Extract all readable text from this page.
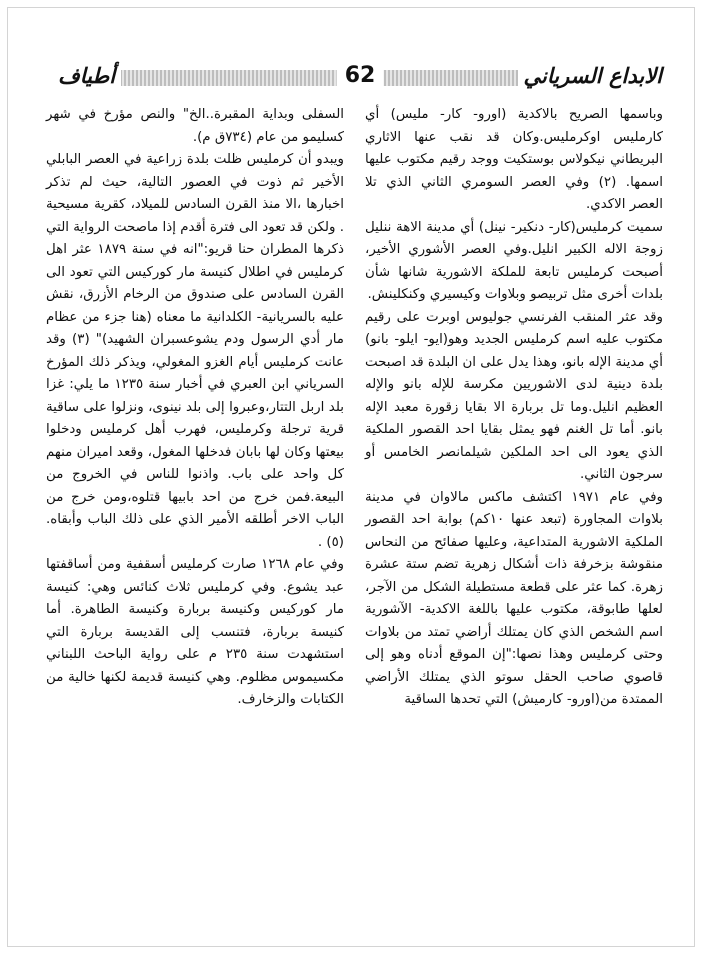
الابداع السرياني
62
أطياف

وباسمها الصريح بالاكدية (اورو- كار- مليس) أي كارمليس اوكرمليس.وكان قد نقب عنها الاثاري البريطاني نيكولاس بوستكيت ووجد رقيم مكتوب عليها اسمها. (٢) وفي العصر السومري الثاني الذي تلا العصر الاكدي.

سميت كرمليس(كار- دنكير- نينل) أي مدينة الاهة ننليل زوجة الاله الكبير انليل.وفي العصر الأشوري الأخير، أصبحت كرمليس تابعة للملكة الاشورية شانها شأن بلدات أخرى مثل تربيصو وبلاوات وكيسيري وكنكلينش.

وقد عثر المنقب الفرنسي جوليوس اوبرت على رقيم مكتوب عليه اسم كرمليس الجديد وهو(ايو- ايلو- بانو) أي مدينة الإله بانو، وهذا يدل على ان البلدة قد اصبحت بلدة دينية لدى الاشوريين مكرسة للإله بانو والإله العظيم انليل.وما تل بربارة الا بقايا زقورة معبد الإله بانو. أما تل الغنم فهو يمثل بقايا احد القصور الملكية الذي يعود الى احد الملكين شيلمانصر الخامس أو سرجون الثاني.

وفي عام ١٩٧١ اكتشف ماكس مالاوان في مدينة بلاوات المجاورة (تبعد عنها ١٠كم) بوابة احد القصور الملكية الاشورية المتداعية، وعليها صفائح من النحاس منقوشة بزخرفة ذات أشكال زهرية تضم ستة عشرة زهرة. كما عثر على قطعة مستطيلة الشكل من الآجر، لعلها طابوقة، مكتوب عليها باللغة الاكدية- الآشورية اسم الشخص الذي كان يمتلك أراضي تمتد من بلاوات وحتى كرمليس وهذا نصها:"إن الموقع أدناه وهو إلى قاصوي صاحب الحقل سوتو الذي يمتلك الأراضي الممتدة من(اورو- كارميش) التي تحدها الساقية

السفلى وبداية المقبرة..الخ" والنص مؤرخ في شهر كسليمو من عام (٧٣٤ق م).

ويبدو أن كرمليس ظلت بلدة زراعية في العصر البابلي الأخير ثم ذوت في العصور التالية، حيث لم تذكر اخبارها ،الا منذ القرن السادس للميلاد، كقرية مسيحية . ولكن قد تعود الى فترة أقدم إذا ماصحت الرواية التي ذكرها المطران حنا قريو:"انه في سنة ١٨٧٩ عثر اهل كرمليس في اطلال كنيسة مار كوركيس التي تعود الى القرن السادس على صندوق من الرخام الأزرق، نقش عليه بالسريانية- الكلدانية ما معناه (هنا جزء من عظام مار أدي الرسول ودم يشوعسبران الشهيد)" (٣) وقد عانت كرمليس أيام الغزو المغولي، ويذكر ذلك المؤرخ السرياني ابن العبري في أخبار سنة ١٢٣٥ ما يلي: غزا بلد اربل التتار،وعبروا إلى بلد نينوى، ونزلوا على ساقية قرية ترجلة وكرمليس، فهرب أهل كرمليس ودخلوا بيعتها وكان لها بابان فدخلها المغول، وقعد اميران منهم كل واحد على باب. واذنوا للناس في الخروج من البيعة.فمن خرج من احد بابيها قتلوه،ومن خرج من الباب الاخر أطلقه الأمير الذي على ذلك الباب وأبقاه. (٥) .

وفي عام ١٢٦٨ صارت كرمليس أسقفية ومن أساقفتها عبد يشوع. وفي كرمليس ثلاث كنائس وهي: كنيسة مار كوركيس وكنيسة بربارة وكنيسة الطاهرة. أما كنيسة بربارة، فتنسب إلى القديسة بربارة التي استشهدت سنة ٢٣٥ م على رواية الباحث اللبناني مكسيموس مظلوم. وهي كنيسة قديمة لكنها خالية من الكتابات والزخارف.
